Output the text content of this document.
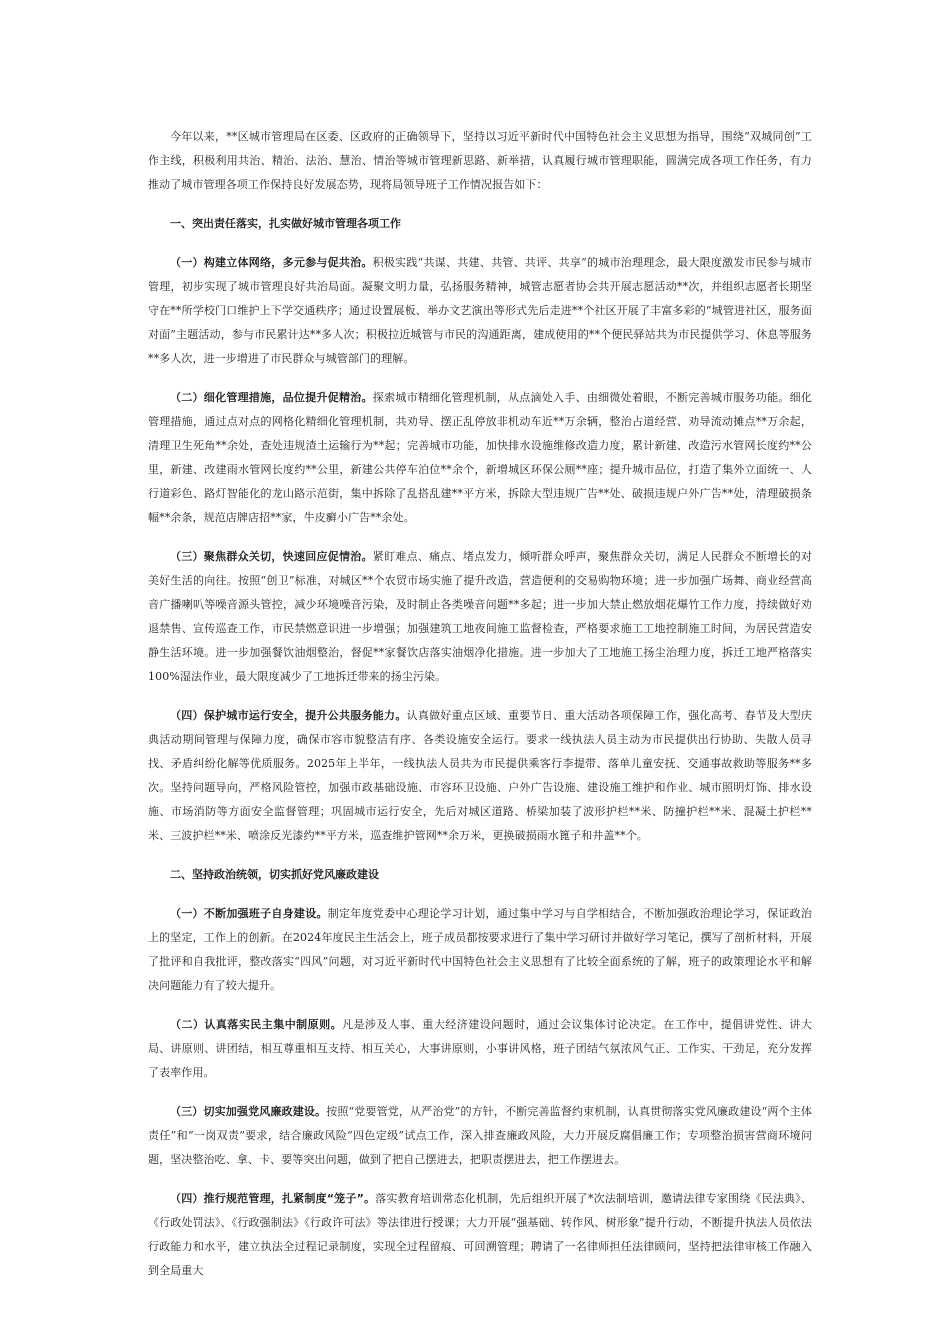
今年以来，**区城市管理局在区委、区政府的正确领导下，坚持以习近平新时代中国特色社会主义思想为指导，围绕“双城同创”工作主线，积极利用共治、精治、法治、慧治、情治等城市管理新思路、新举措，认真履行城市管理职能，圆满完成各项工作任务，有力推动了城市管理各项工作保持良好发展态势，现将局领导班子工作情况报告如下：

一、突出责任落实，扎实做好城市管理各项工作

（一）构建立体网络，多元参与促共治。积极实践“共谋、共建、共管、共评、共享”的城市治理理念，最大限度激发市民参与城市管理，初步实现了城市管理良好共治局面。凝聚文明力量，弘扬服务精神，城管志愿者协会共开展志愿活动**次，并组织志愿者长期坚守在**所学校门口维护上下学交通秩序；通过设置展板、举办文艺演出等形式先后走进**个社区开展了丰富多彩的“城管进社区，服务面对面”主题活动，参与市民累计达**多人次；积极拉近城管与市民的沟通距离，建成使用的**个便民驿站共为市民提供学习、休息等服务**多人次，进一步增进了市民群众与城管部门的理解。

（二）细化管理措施，品位提升促精治。探索城市精细化管理机制，从点滴处入手、由细微处着眼，不断完善城市服务功能。细化管理措施，通过点对点的网格化精细化管理机制，共劝导、摆正乱停放非机动车近**万余辆，整治占道经营、劝导流动摊点**万余起，清理卫生死角**余处，查处违规渣土运输行为**起；完善城市功能，加快排水设施维修改造力度，累计新建、改造污水管网长度约**公里，新建、改建雨水管网长度约**公里，新建公共停车泊位**余个，新增城区环保公厕**座；提升城市品位，打造了集外立面统一、人行道彩色、路灯智能化的龙山路示范街，集中拆除了乱搭乱建**平方米，拆除大型违规广告**处、破损违规户外广告**处，清理破损条幅**余条，规范店牌店招**家，牛皮癣小广告**余处。

（三）聚焦群众关切，快速回应促情治。紧盯难点、痛点、堵点发力，倾听群众呼声，聚焦群众关切，满足人民群众不断增长的对美好生活的向往。按照“创卫”标准，对城区**个农贸市场实施了提升改造，营造便利的交易购物环境；进一步加强广场舞、商业经营高音广播喇叭等噪音源头管控，减少环境噪音污染，及时制止各类噪音问题**多起；进一步加大禁止燃放烟花爆竹工作力度，持续做好劝退禁售、宣传巡查工作，市民禁燃意识进一步增强；加强建筑工地夜间施工监督检查，严格要求施工工地控制施工时间，为居民营造安静生活环境。进一步加强餐饮油烟整治，督促**家餐饮店落实油烟净化措施。进一步加大了工地施工扬尘治理力度，拆迁工地严格落实100%湿法作业，最大限度减少了工地拆迁带来的扬尘污染。

（四）保护城市运行安全，提升公共服务能力。认真做好重点区域、重要节日、重大活动各项保障工作，强化高考、春节及大型庆典活动期间管理与保障力度，确保市容市貌整洁有序、各类设施安全运行。要求一线执法人员主动为市民提供出行协助、失散人员寻找、矛盾纠纷化解等优质服务。2025年上半年，一线执法人员共为市民提供乘客行李提带、落单儿童安抚、交通事故救助等服务**多次。坚持问题导向，严格风险管控，加强市政基础设施、市容环卫设施、户外广告设施、建设施工维护和作业、城市照明灯饰、排水设施、市场消防等方面安全监督管理；巩固城市运行安全，先后对城区道路、桥梁加装了波形护栏**米、防撞护栏**米、混凝土护栏**米、三波护栏**米、喷涂反光漆约**平方米，巡查维护管网**余万米，更换破损雨水篦子和井盖**个。

二、坚持政治统领，切实抓好党风廉政建设

（一）不断加强班子自身建设。制定年度党委中心理论学习计划，通过集中学习与自学相结合，不断加强政治理论学习，保证政治上的坚定，工作上的创新。在2024年度民主生活会上，班子成员都按要求进行了集中学习研讨并做好学习笔记，撰写了剖析材料，开展了批评和自我批评，整改落实“四风”问题，对习近平新时代中国特色社会主义思想有了比较全面系统的了解，班子的政策理论水平和解决问题能力有了较大提升。

（二）认真落实民主集中制原则。凡是涉及人事、重大经济建设问题时，通过会议集体讨论决定。在工作中，提倡讲党性、讲大局、讲原则、讲团结，相互尊重相互支持、相互关心，大事讲原则，小事讲风格，班子团结气氛浓风气正、工作实、干劲足，充分发挥了表率作用。

（三）切实加强党风廉政建设。按照“党要管党，从严治党”的方针，不断完善监督约束机制，认真贯彻落实党风廉政建设“两个主体责任”和“一岗双责”要求，结合廉政风险“四色定级”试点工作，深入排查廉政风险，大力开展反腐倡廉工作；专项整治损害营商环境问题，坚决整治吃、拿、卡、要等突出问题，做到了把自己摆进去，把职责摆进去，把工作摆进去。

（四）推行规范管理，扎紧制度“笼子”。落实教育培训常态化机制，先后组织开展了*次法制培训，邀请法律专家围绕《民法典》、《行政处罚法》、《行政强制法》《行政许可法》等法律进行授课；大力开展“强基础、转作风、树形象”提升行动，不断提升执法人员依法行政能力和水平，建立执法全过程记录制度，实现全过程留痕、可回溯管理；聘请了一名律师担任法律顾问，坚持把法律审核工作融入到全局重大
